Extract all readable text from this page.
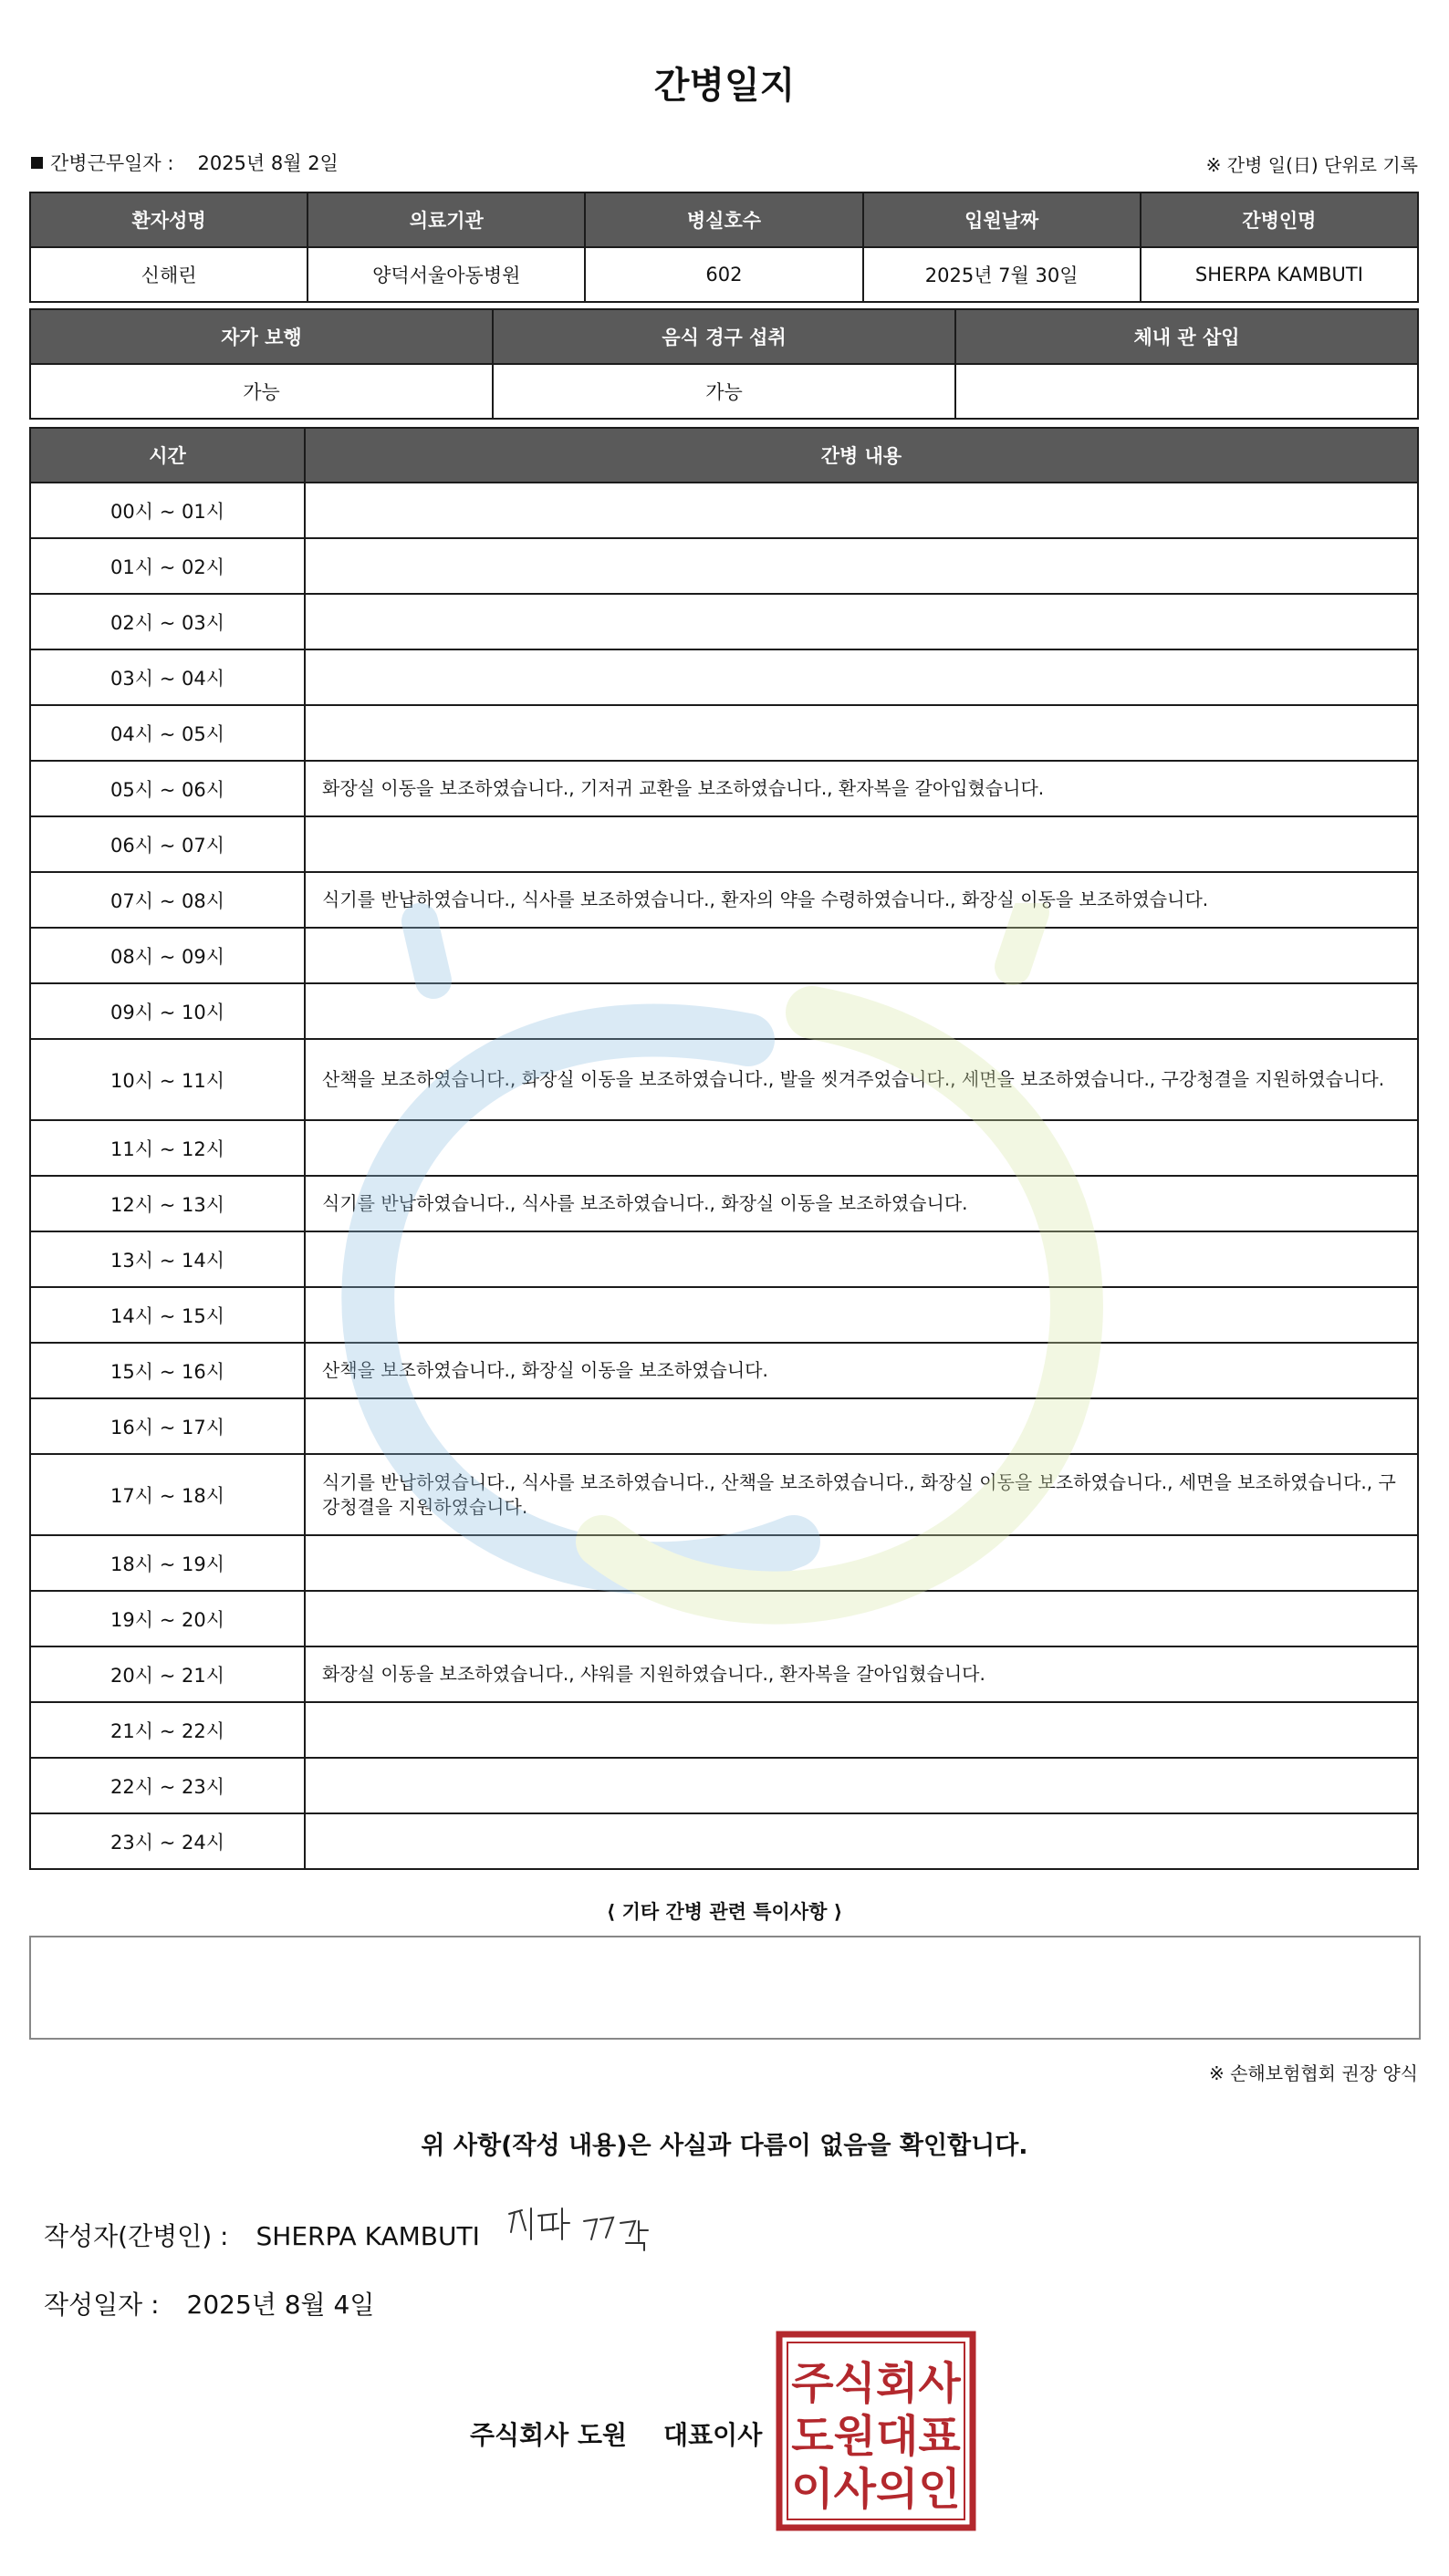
간병일지
간병근무일자 : 2025년 8월 2일	※ 간병 일(日) 단위로 기록
환자성명	의료기관	병실호수	입원날짜	간병인명
신해린	양덕서울아동병원	602	2025년 7월 30일	SHERPA KAMBUTI
자가 보행	음식 경구 섭취	체내 관 삽입
가능	가능	
시간	간병 내용
00시 ~ 01시	
01시 ~ 02시	
02시 ~ 03시	
03시 ~ 04시	
04시 ~ 05시	
05시 ~ 06시	화장실 이동을 보조하였습니다., 기저귀 교환을 보조하였습니다., 환자복을 갈아입혔습니다.
06시 ~ 07시	
07시 ~ 08시	식기를 반납하였습니다., 식사를 보조하였습니다., 환자의 약을 수령하였습니다., 화장실 이동을 보조하였습니다.
08시 ~ 09시	
09시 ~ 10시	
10시 ~ 11시	산책을 보조하였습니다., 화장실 이동을 보조하였습니다., 발을 씻겨주었습니다., 세면을 보조하였습니다., 구강청결을 지원하였습니다.
11시 ~ 12시	
12시 ~ 13시	식기를 반납하였습니다., 식사를 보조하였습니다., 화장실 이동을 보조하였습니다.
13시 ~ 14시	
14시 ~ 15시	
15시 ~ 16시	산책을 보조하였습니다., 화장실 이동을 보조하였습니다.
16시 ~ 17시	
17시 ~ 18시	식기를 반납하였습니다., 식사를 보조하였습니다., 산책을 보조하였습니다., 화장실 이동을 보조하였습니다., 세면을 보조하였습니다., 구강청결을 지원하였습니다.
18시 ~ 19시	
19시 ~ 20시	
20시 ~ 21시	화장실 이동을 보조하였습니다., 샤워를 지원하였습니다., 환자복을 갈아입혔습니다.
21시 ~ 22시	
22시 ~ 23시	
23시 ~ 24시	
⟨ 기타 간병 관련 특이사항 ⟩
※ 손해보험협회 권장 양식
위 사항(작성 내용)은 사실과 다름이 없음을 확인합니다.
작성자(간병인) : SHERPA KAMBUTI
작성일자 : 2025년 8월 4일
주식회사 도원 대표이사
주식회사
도원대표
이사의인
